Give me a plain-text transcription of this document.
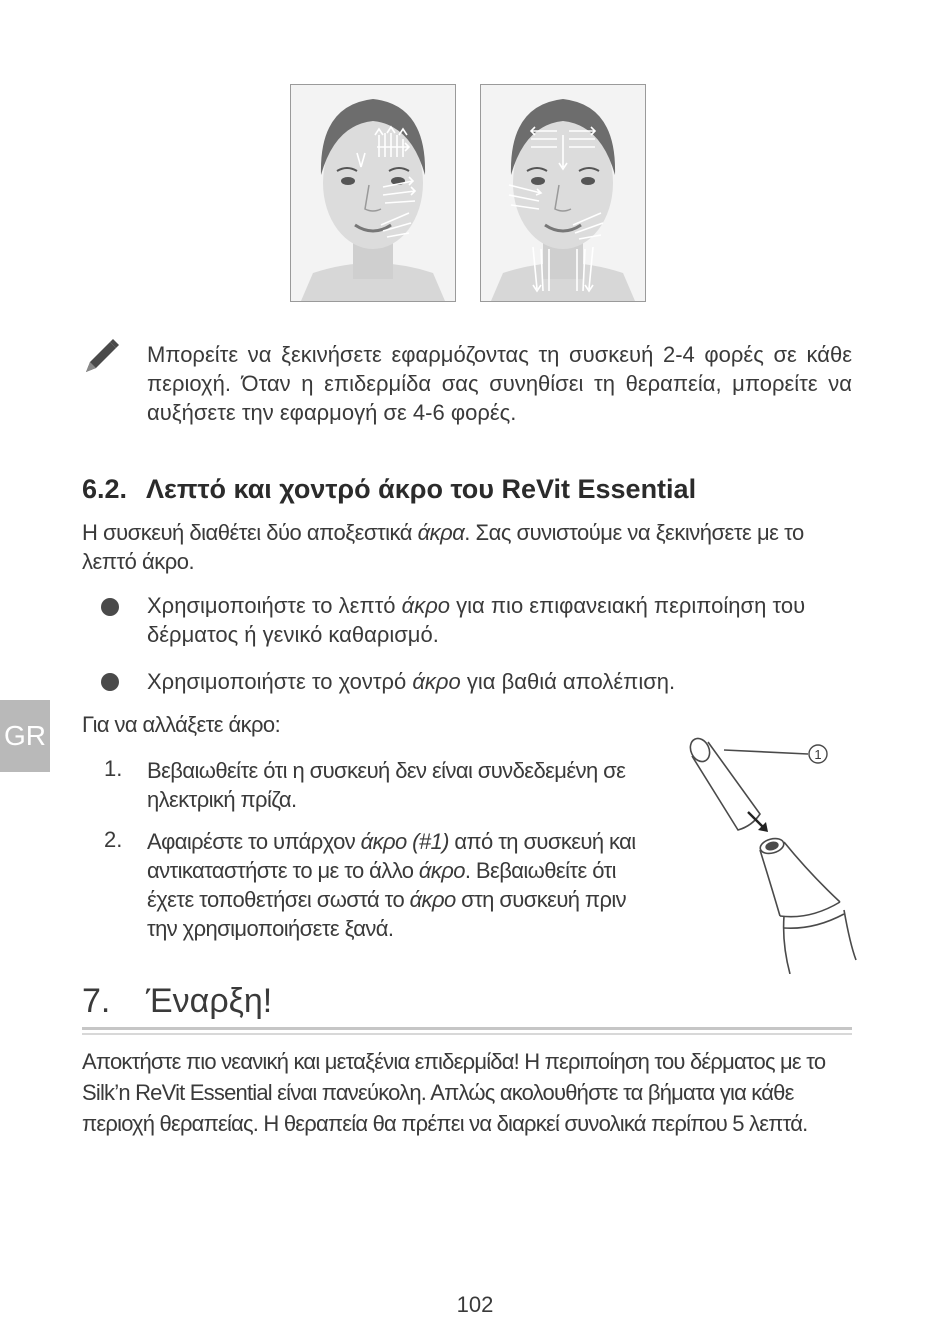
Μπορείτε να ξεκινήσετε εφαρμόζοντας τη συσκευή 2-4 φορές σε κάθε περιοχή. Όταν η επιδερμίδα σας συνηθίσει τη θεραπεία, μπορείτε να αυξήσετε την εφαρμογή σε 4-6 φορές.
6.2. Λεπτό και χοντρό άκρο του ReVit Essential
Η συσκευή διαθέτει δύο αποξεστικά άκρα. Σας συνιστούμε να ξεκινήσετε με το λεπτό άκρο.
Χρησιμοποιήστε το λεπτό άκρο για πιο επιφανειακή περιποίηση του δέρματος ή γενικό καθαρισμό.
Χρησιμοποιήστε το χοντρό άκρο για βαθιά απολέπιση.
GR Για να αλλάξετε άκρο:
1. Βεβαιωθείτε ότι η συσκευή δεν είναι συνδεδεμένη σε ηλεκτρική πρίζα.
2. Αφαιρέστε το υπάρχον άκρο (#1) από τη συσκευή και αντικαταστήστε το με το άλλο άκρο. Βεβαιωθείτε ότι έχετε τοποθετήσει σωστά το άκρο στη συσκευή πριν την χρησιμοποιήσετε ξανά.
1
7. Έναρξη!
Αποκτήστε πιο νεανική και μεταξένια επιδερμίδα! Η περιποίηση του δέρματος με το Silk’n ReVit Essential είναι πανεύκολη. Απλώς ακολουθήστε τα βήματα για κάθε περιοχή θεραπείας. Η θεραπεία θα πρέπει να διαρκεί συνολικά περίπου 5 λεπτά.
102
